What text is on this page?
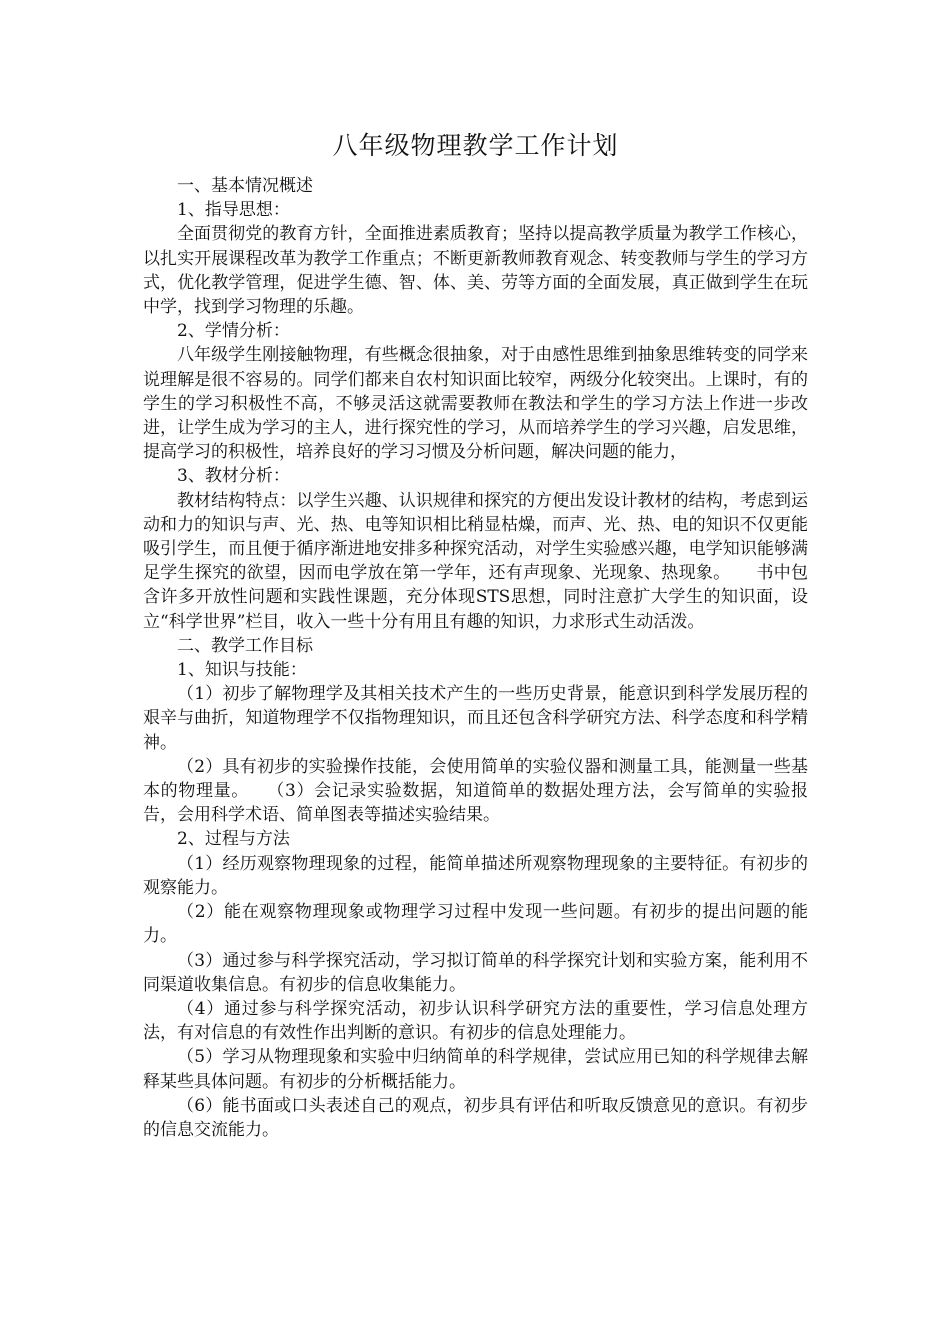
八年级物理教学工作计划

一、基本情况概述

1、指导思想：

全面贯彻党的教育方针，全面推进素质教育；坚持以提高教学质量为教学工作核心，以扎实开展课程改革为教学工作重点；不断更新教师教育观念、转变教师与学生的学习方式，优化教学管理，促进学生德、智、体、美、劳等方面的全面发展，真正做到学生在玩中学，找到学习物理的乐趣。

2、学情分析：

八年级学生刚接触物理，有些概念很抽象，对于由感性思维到抽象思维转变的同学来说理解是很不容易的。同学们都来自农村知识面比较窄，两级分化较突出。上课时，有的学生的学习积极性不高，不够灵活这就需要教师在教法和学生的学习方法上作进一步改进，让学生成为学习的主人，进行探究性的学习，从而培养学生的学习兴趣，启发思维，提高学习的积极性，培养良好的学习习惯及分析问题，解决问题的能力，

3、教材分析：

教材结构特点：以学生兴趣、认识规律和探究的方便出发设计教材的结构，考虑到运动和力的知识与声、光、热、电等知识相比稍显枯燥，而声、光、热、电的知识不仅更能吸引学生，而且便于循序渐进地安排多种探究活动，对学生实验感兴趣，电学知识能够满足学生探究的欲望，因而电学放在第一学年，还有声现象、光现象、热现象。　　书中包含许多开放性问题和实践性课题，充分体现STS思想，同时注意扩大学生的知识面，设立“科学世界”栏目，收入一些十分有用且有趣的知识，力求形式生动活泼。

二、教学工作目标

1、知识与技能：

（1）初步了解物理学及其相关技术产生的一些历史背景，能意识到科学发展历程的艰辛与曲折，知道物理学不仅指物理知识，而且还包含科学研究方法、科学态度和科学精神。

（2）具有初步的实验操作技能，会使用简单的实验仪器和测量工具，能测量一些基本的物理量。　　（3）会记录实验数据，知道简单的数据处理方法，会写简单的实验报告，会用科学术语、简单图表等描述实验结果。

2、过程与方法

（1）经历观察物理现象的过程，能简单描述所观察物理现象的主要特征。有初步的观察能力。

（2）能在观察物理现象或物理学习过程中发现一些问题。有初步的提出问题的能力。

（3）通过参与科学探究活动，学习拟订简单的科学探究计划和实验方案，能利用不同渠道收集信息。有初步的信息收集能力。

（4）通过参与科学探究活动，初步认识科学研究方法的重要性，学习信息处理方法，有对信息的有效性作出判断的意识。有初步的信息处理能力。

（5）学习从物理现象和实验中归纳简单的科学规律，尝试应用已知的科学规律去解释某些具体问题。有初步的分析概括能力。

（6）能书面或口头表述自己的观点，初步具有评估和听取反馈意见的意识。有初步的信息交流能力。
